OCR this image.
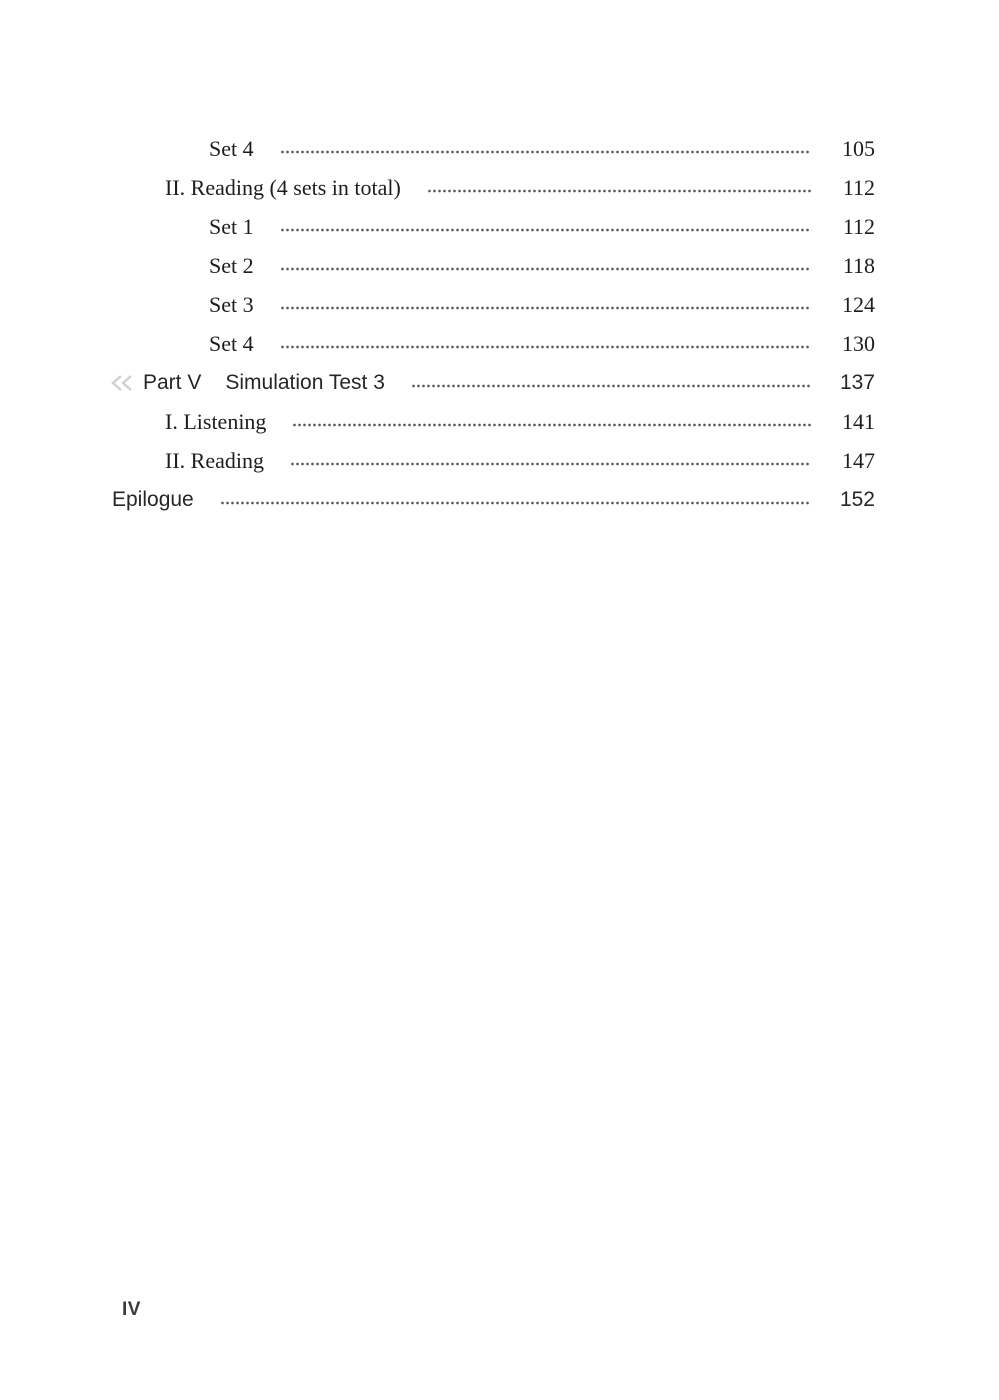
Set 4	105
II. Reading (4 sets in total)	112
Set 1	112
Set 2	118
Set 3	124
Set 4	130
Part V Simulation Test 3	137
I. Listening	141
II. Reading	147
Epilogue	152
IV
